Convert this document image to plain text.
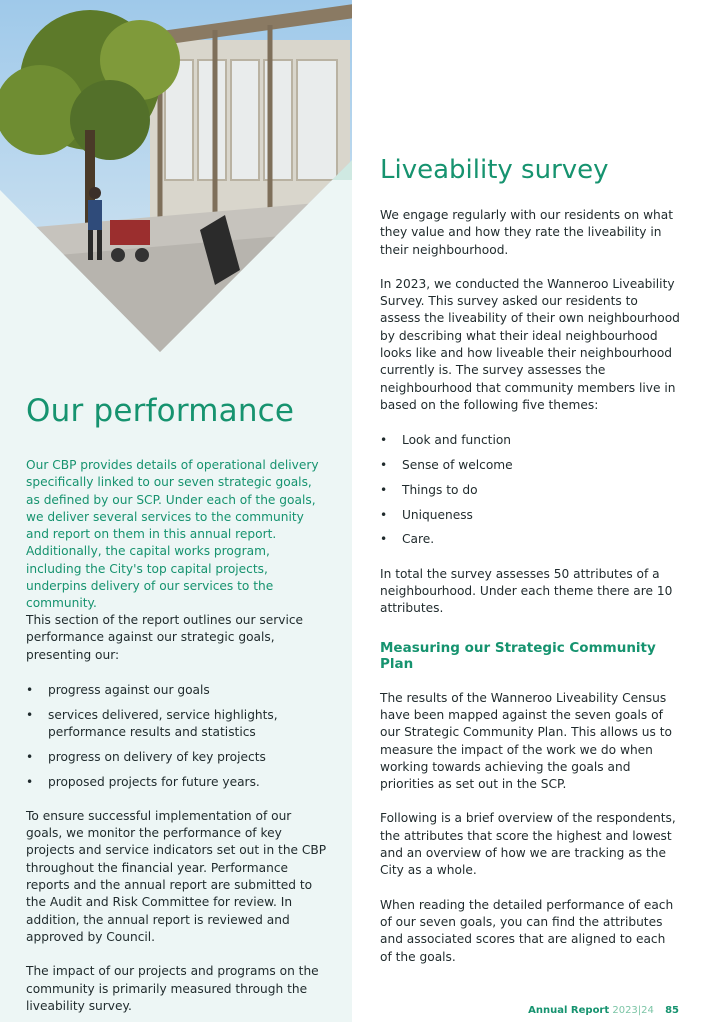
Our performance

Our CBP provides details of operational delivery specifically linked to our seven strategic goals, as defined by our SCP. Under each of the goals, we deliver several services to the community and report on them in this annual report. Additionally, the capital works program, including the City's top capital projects, underpins delivery of our services to the community.

This section of the report outlines our service performance against our strategic goals, presenting our:

• progress against our goals
• services delivered, service highlights, performance results and statistics
• progress on delivery of key projects
• proposed projects for future years.

To ensure successful implementation of our goals, we monitor the performance of key projects and service indicators set out in the CBP throughout the financial year. Performance reports and the annual report are submitted to the Audit and Risk Committee for review. In addition, the annual report is reviewed and approved by Council.

The impact of our projects and programs on the community is primarily measured through the liveability survey.

Liveability survey

We engage regularly with our residents on what they value and how they rate the liveability in their neighbourhood.

In 2023, we conducted the Wanneroo Liveability Survey. This survey asked our residents to assess the liveability of their own neighbourhood by describing what their ideal neighbourhood looks like and how liveable their neighbourhood currently is. The survey assesses the neighbourhood that community members live in based on the following five themes:

• Look and function
• Sense of welcome
• Things to do
• Uniqueness
• Care.

In total the survey assesses 50 attributes of a neighbourhood. Under each theme there are 10 attributes.

Measuring our Strategic Community Plan

The results of the Wanneroo Liveability Census have been mapped against the seven goals of our Strategic Community Plan. This allows us to measure the impact of the work we do when working towards achieving the goals and priorities as set out in the SCP.

Following is a brief overview of the respondents, the attributes that score the highest and lowest and an overview of how we are tracking as the City as a whole.

When reading the detailed performance of each of our seven goals, you can find the attributes and associated scores that are aligned to each of the goals.

Annual Report 2023|24 85
